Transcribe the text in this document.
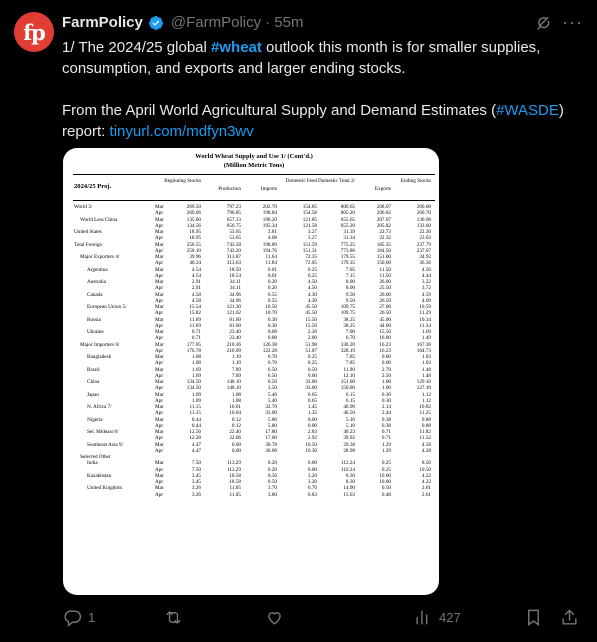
fp	FarmPolicy @FarmPolicy · 55m	···

1/ The 2024/25 global #wheat outlook this month is for smaller supplies, consumption, and exports and larger ending stocks.

From the April World Agricultural Supply and Demand Estimates (#WASDE) report: tinyurl.com/mdfyn3wv

World Wheat Supply and Use 1/ (Cont'd.)
(Million Metric Tons)
2024/25 Proj.
Beginning Stocks
Production	Imports
Domestic Feed Domestic Total 2/
Exports
Ending Stocks
World 3/	Mar	269.50	797.23	202.70	154.85	806.65	208.07	260.08
Apr	269.06	796.85	198.84	154.58	805.20	206.82	260.70
World Less China	Mar	135.00	657.13	196.20	121.85	655.65	207.07	130.98
Apr	134.56	656.75	195.34	121.58	655.20	205.82	133.60
United States	Mar	18.95	53.65	3.81	3.27	31.39	22.73	22.30
Apr	18.95	53.65	4.08	3.27	31.34	22.32	23.03
Total Foreign	Mar	250.55	743.58	198.89	151.59	775.25	185.35	237.79
Apr	250.10	743.20	194.76	151.31	773.86	184.50	237.67
Major Exporters 4/	Mar	39.96	313.87	11.64	72.35	179.55	151.00	34.92
Apr	40.24	313.63	11.84	72.05	179.35	150.00	36.36
Argentina	Mar	4.54	18.50	0.01	0.25	7.05	11.50	4.50
Apr	4.54	18.54	0.01	0.25	7.15	11.50	4.44
Australia	Mar	2.91	34.11	0.20	4.50	8.00	26.00	3.22
Apr	2.91	34.11	0.20	4.50	8.00	25.50	3.72
Canada	Mar	4.58	34.96	0.55	4.30	9.50	26.00	4.59
Apr	4.58	34.96	0.55	4.30	9.50	26.50	4.09
European Union 5/	Mar	15.54	121.30	10.50	45.50	109.75	27.00	10.59
Apr	15.82	121.02	10.70	45.50	109.75	26.50	11.29
Russia	Mar	11.69	81.60	0.30	15.50	38.25	45.00	10.34
Apr	11.69	81.60	0.30	15.50	38.25	44.00	11.34
Ukraine	Mar	0.71	23.40	0.08	2.30	7.00	15.50	1.69
Apr	0.71	23.40	0.08	2.00	6.70	16.00	1.49
Major Importers 6/	Mar	177.05	210.36	126.38	51.98	330.20	16.23	167.36
Apr	176.78	210.09	122.28	51.87	328.19	16.23	164.73
Bangladesh	Mar	1.08	1.10	6.70	0.25	7.85	0.00	1.03
Apr	1.08	1.10	6.70	0.25	7.85	0.00	1.03
Brazil	Mar	1.69	7.89	6.50	0.50	11.90	2.70	1.48
Apr	1.69	7.89	6.50	0.60	12.10	2.50	1.48
China	Mar	134.50	140.10	6.50	33.00	151.00	1.00	129.10
Apr	134.50	140.10	3.50	33.00	150.00	1.00	127.10
Japan	Mar	1.09	1.08	5.40	0.65	6.15	0.30	1.12
Apr	1.09	1.08	5.40	0.65	6.15	0.30	1.12
N. Africa 7/	Mar	11.15	16.01	32.70	1.45	46.90	2.14	10.82
Apr	11.15	16.04	33.00	1.35	46.50	2.44	11.25
Nigeria	Mar	0.44	0.12	5.80	0.00	5.10	0.38	0.88
Apr	0.44	0.12	5.80	0.00	5.10	0.38	0.88
Sel. Mideast 8/	Mar	12.56	22.40	17.80	2.83	40.23	0.71	11.82
Apr	12.28	22.06	17.60	2.92	39.92	0.71	11.32
Southeast Asia 9/	Mar	4.47	0.00	30.78	10.50	29.38	1.29	4.58
Apr	4.47	0.00	30.08	10.30	28.98	1.29	4.28
Selected Other
India	Mar	7.50	113.29	0.20	6.00	112.24	0.25	8.50
Apr	7.50	113.29	0.20	6.00	110.24	0.25	10.50
Kazakhstan	Mar	3.45	18.58	0.50	3.20	8.30	10.00	4.22
Apr	3.45	18.58	0.50	3.20	8.30	10.00	4.22
United Kingdom	Mar	3.26	11.05	3.70	6.70	14.90	0.50	2.61
Apr	3.26	11.05	3.80	6.83	15.03	0.48	2.61
1	427
